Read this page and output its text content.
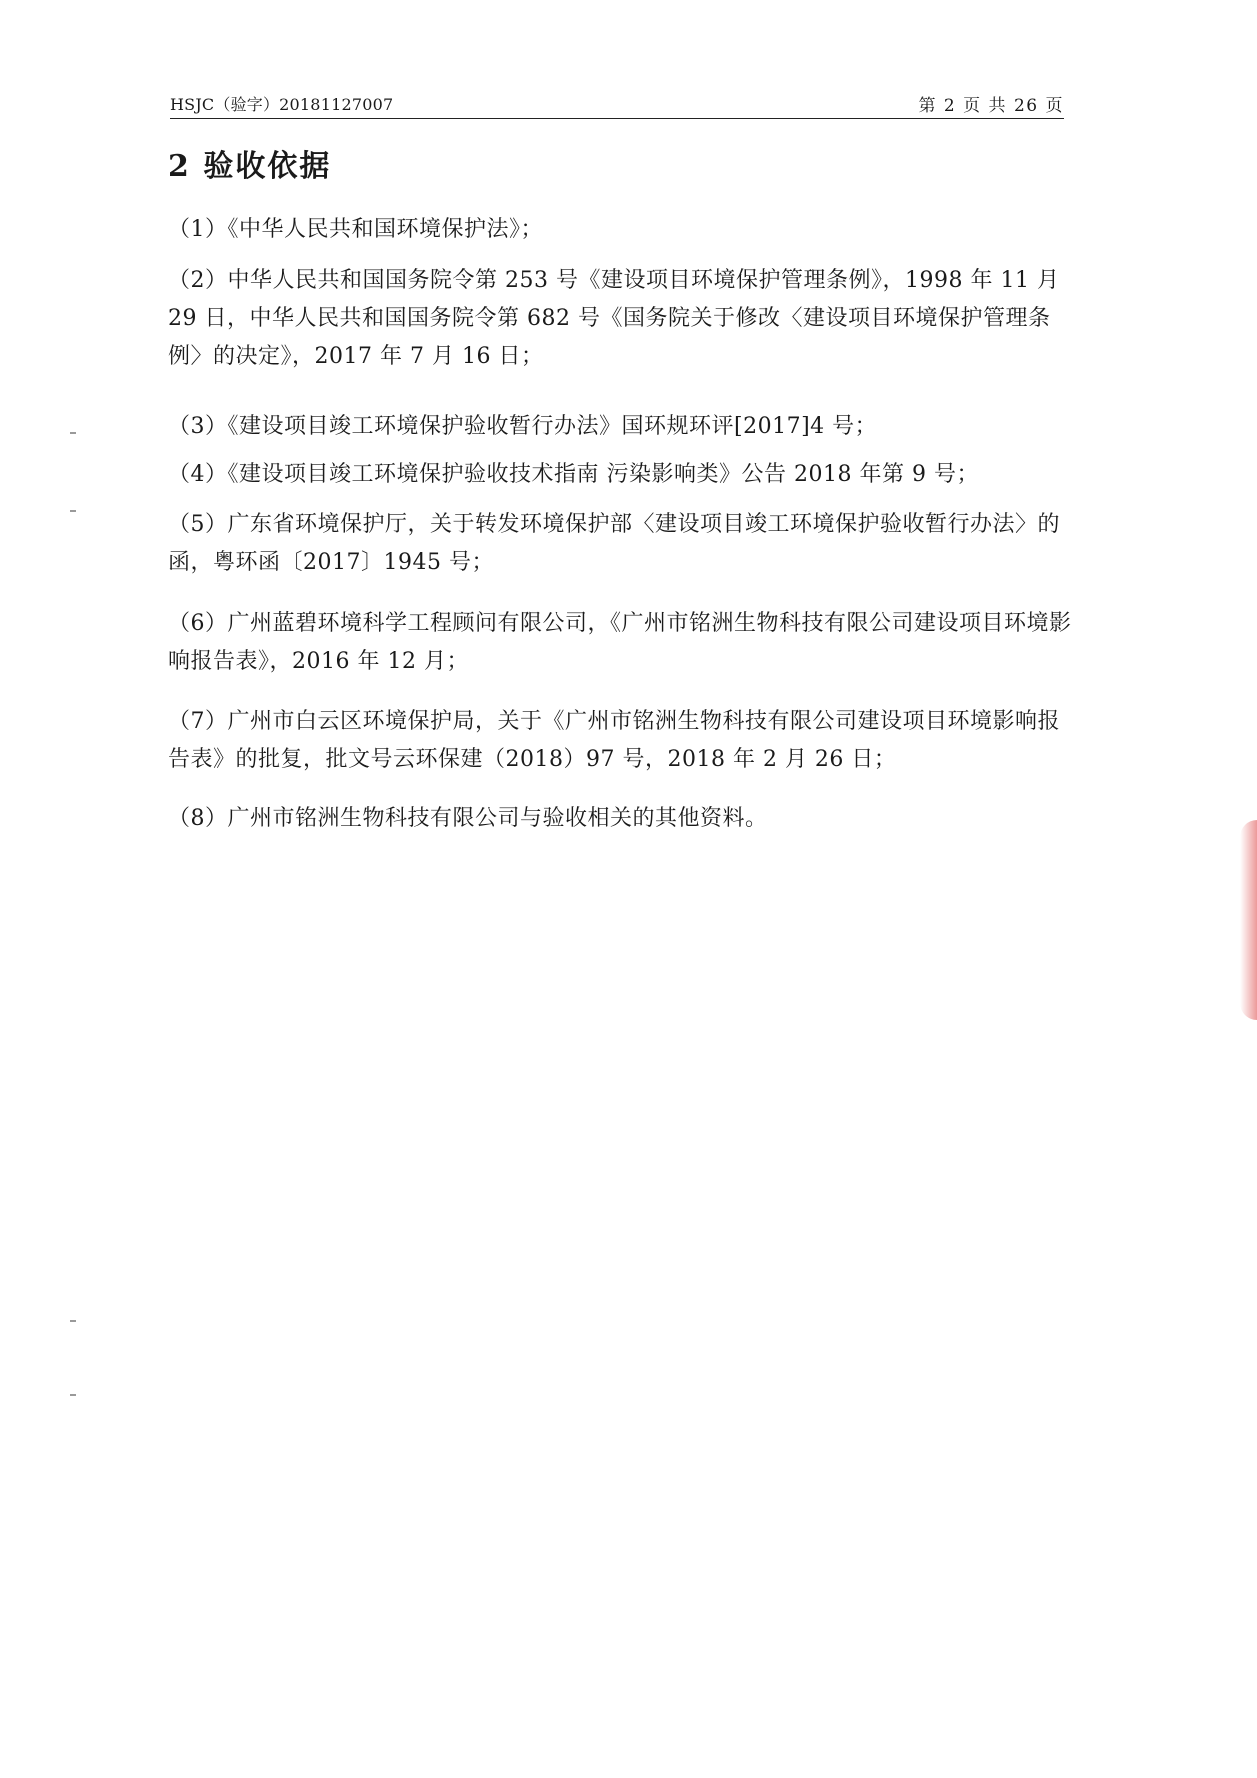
HSJC（验字）20181127007	第 2 页 共 26 页
2 验收依据

（1）《中华人民共和国环境保护法》；

（2）中华人民共和国国务院令第 253 号《建设项目环境保护管理条例》，1998 年 11 月 29 日，中华人民共和国国务院令第 682 号《国务院关于修改〈建设项目环境保护管理条例〉的决定》，2017 年 7 月 16 日；

（3）《建设项目竣工环境保护验收暂行办法》国环规环评[2017]4 号；

（4）《建设项目竣工环境保护验收技术指南 污染影响类》公告 2018 年第 9 号；

（5）广东省环境保护厅，关于转发环境保护部〈建设项目竣工环境保护验收暂行办法〉的函，粤环函〔2017〕1945 号；

（6）广州蓝碧环境科学工程顾问有限公司，《广州市铭洲生物科技有限公司建设项目环境影响报告表》，2016 年 12 月；

（7）广州市白云区环境保护局，关于《广州市铭洲生物科技有限公司建设项目环境影响报告表》的批复，批文号云环保建（2018）97 号，2018 年 2 月 26 日；

（8）广州市铭洲生物科技有限公司与验收相关的其他资料。
